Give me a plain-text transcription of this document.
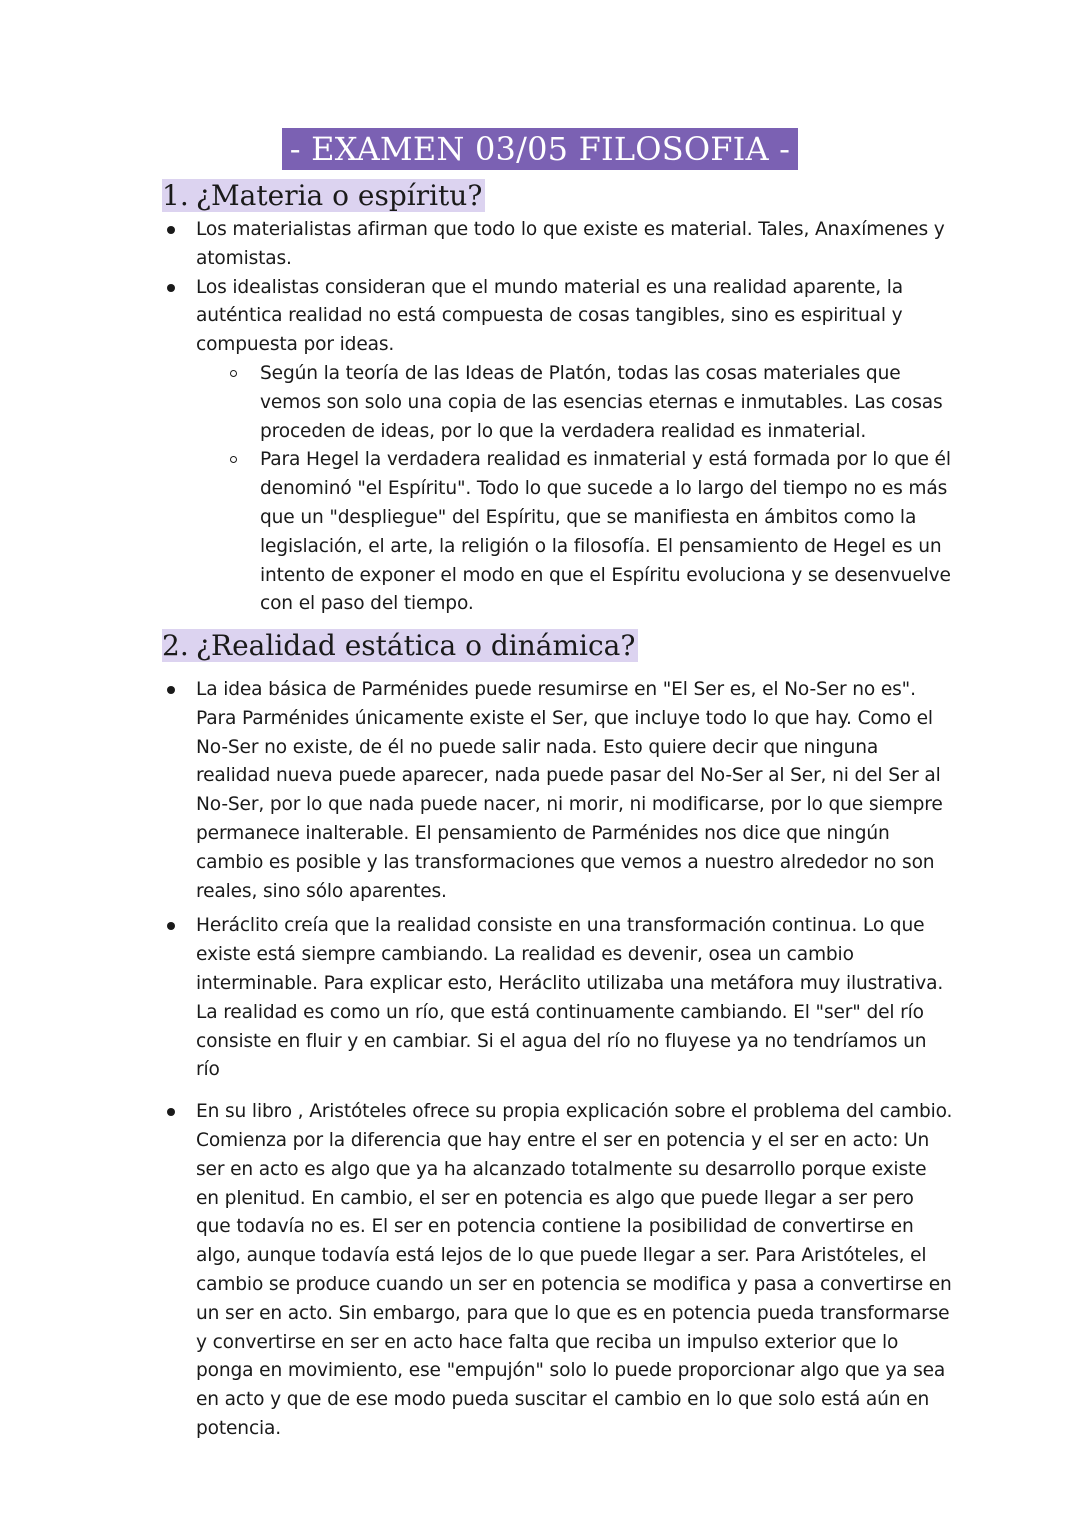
- EXAMEN 03/05 FILOSOFIA -
1. ¿Materia o espíritu?
Los materialistas afirman que todo lo que existe es material. Tales, Anaxímenes y atomistas.
Los idealistas consideran que el mundo material es una realidad aparente, la auténtica realidad no está compuesta de cosas tangibles, sino es espiritual y compuesta por ideas.
Según la teoría de las Ideas de Platón, todas las cosas materiales que vemos son solo una copia de las esencias eternas e inmutables. Las cosas proceden de ideas, por lo que la verdadera realidad es inmaterial.
Para Hegel la verdadera realidad es inmaterial y está formada por lo que él denominó "el Espíritu". Todo lo que sucede a lo largo del tiempo no es más que un "despliegue" del Espíritu, que se manifiesta en ámbitos como la legislación, el arte, la religión o la filosofía. El pensamiento de Hegel es un intento de exponer el modo en que el Espíritu evoluciona y se desenvuelve con el paso del tiempo.
2. ¿Realidad estática o dinámica?
La idea básica de Parménides puede resumirse en "El Ser es, el No-Ser no es".
Para Parménides únicamente existe el Ser, que incluye todo lo que hay. Como el No-Ser no existe, de él no puede salir nada. Esto quiere decir que ninguna realidad nueva puede aparecer, nada puede pasar del No-Ser al Ser, ni del Ser al No-Ser, por lo que nada puede nacer, ni morir, ni modificarse, por lo que siempre permanece inalterable. El pensamiento de Parménides nos dice que ningún cambio es posible y las transformaciones que vemos a nuestro alrededor no son reales, sino sólo aparentes.
Heráclito creía que la realidad consiste en una transformación continua. Lo que existe está siempre cambiando. La realidad es devenir, osea un cambio interminable. Para explicar esto, Heráclito utilizaba una metáfora muy ilustrativa. La realidad es como un río, que está continuamente cambiando. El "ser" del río consiste en fluir y en cambiar. Si el agua del río no fluyese ya no tendríamos un río
En su libro , Aristóteles ofrece su propia explicación sobre el problema del cambio. Comienza por la diferencia que hay entre el ser en potencia y el ser en acto: Un ser en acto es algo que ya ha alcanzado totalmente su desarrollo porque existe en plenitud. En cambio, el ser en potencia es algo que puede llegar a ser pero que todavía no es. El ser en potencia contiene la posibilidad de convertirse en algo, aunque todavía está lejos de lo que puede llegar a ser. Para Aristóteles, el cambio se produce cuando un ser en potencia se modifica y pasa a convertirse en un ser en acto. Sin embargo, para que lo que es en potencia pueda transformarse y convertirse en ser en acto hace falta que reciba un impulso exterior que lo ponga en movimiento, ese "empujón" solo lo puede proporcionar algo que ya sea en acto y que de ese modo pueda suscitar el cambio en lo que solo está aún en potencia.
